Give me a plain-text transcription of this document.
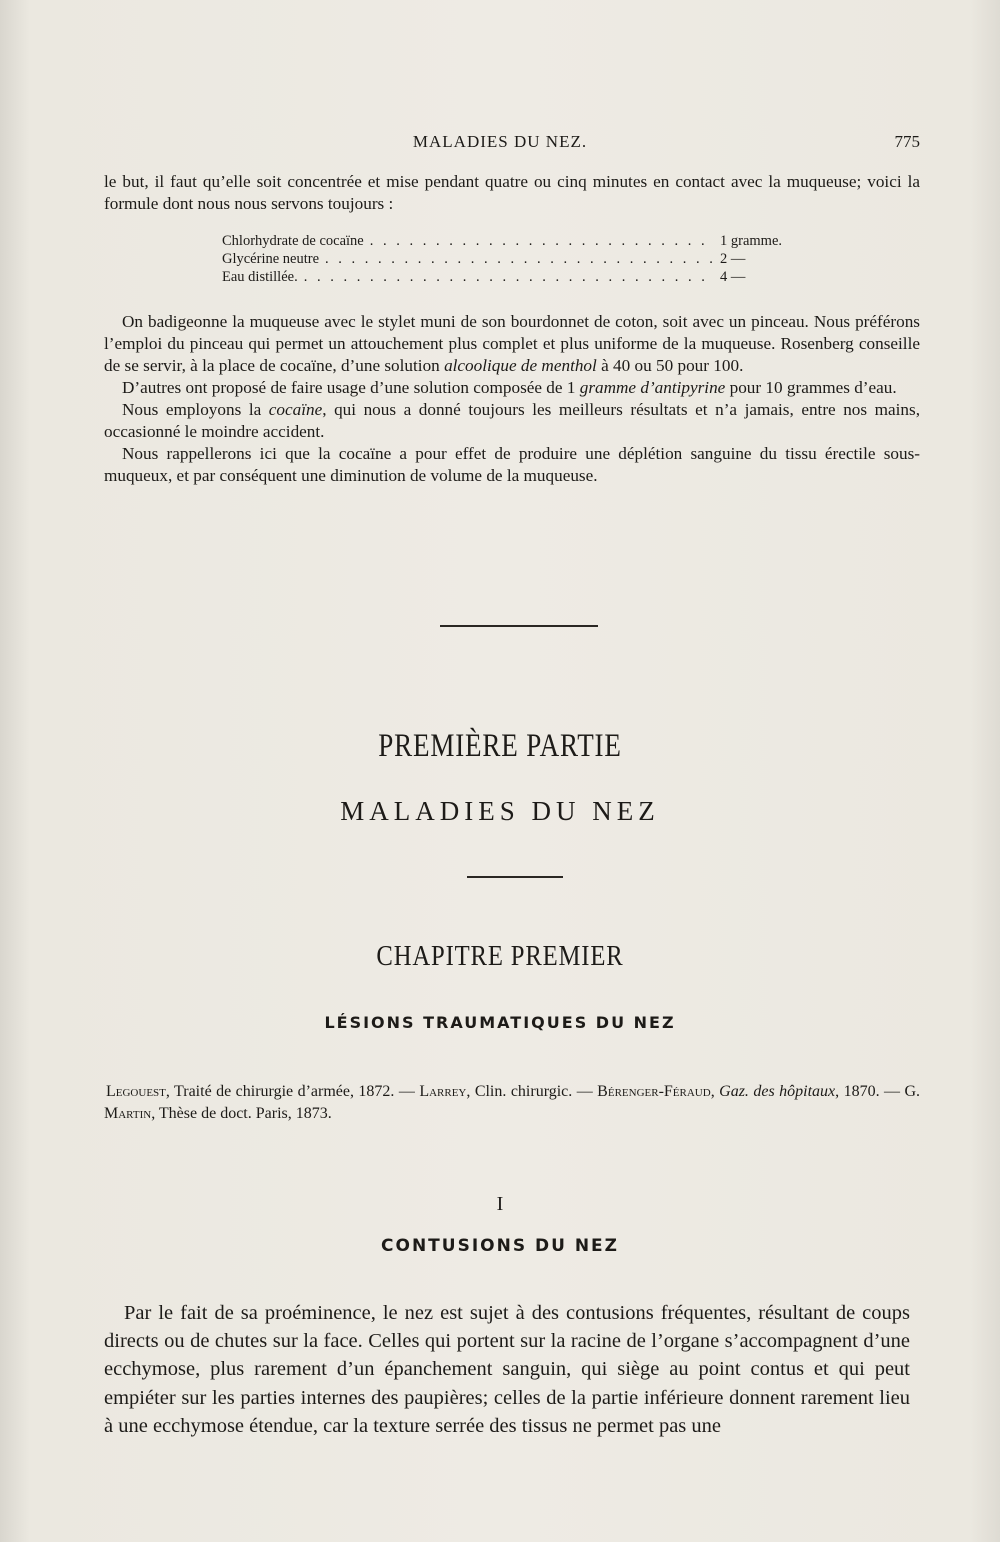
MALADIES DU NEZ.	775

le but, il faut qu’elle soit concentrée et mise pendant quatre ou cinq minutes en contact avec la muqueuse; voici la formule dont nous nous servons toujours :

Chlorhydrate de cocaïne . . .	1 gramme.
Glycérine neutre . . .	2 —
Eau distillée. . . .	4 —

On badigeonne la muqueuse avec le stylet muni de son bourdonnet de coton, soit avec un pinceau. Nous préférons l’emploi du pinceau qui permet un attouchement plus complet et plus uniforme de la muqueuse. Rosenberg conseille de se servir, à la place de cocaïne, d’une solution alcoolique de menthol à 40 ou 50 pour 100.

D’autres ont proposé de faire usage d’une solution composée de 1 gramme d’antipyrine pour 10 grammes d’eau.

Nous employons la cocaïne, qui nous a donné toujours les meilleurs résultats et n’a jamais, entre nos mains, occasionné le moindre accident.

Nous rappellerons ici que la cocaïne a pour effet de produire une déplétion sanguine du tissu érectile sous-muqueux, et par conséquent une diminution de volume de la muqueuse.

PREMIÈRE PARTIE
MALADIES DU NEZ
CHAPITRE PREMIER
LÉSIONS TRAUMATIQUES DU NEZ

Legouest, Traité de chirurgie d’armée, 1872. — Larrey, Clin. chirurgic. — Bérenger-Féraud, Gaz. des hôpitaux, 1870. — G. Martin, Thèse de doct. Paris, 1873.

I
CONTUSIONS DU NEZ

Par le fait de sa proéminence, le nez est sujet à des contusions fréquentes, résultant de coups directs ou de chutes sur la face. Celles qui portent sur la racine de l’organe s’accompagnent d’une ecchymose, plus rarement d’un épanchement sanguin, qui siège au point contus et qui peut empiéter sur les parties internes des paupières; celles de la partie inférieure donnent rarement lieu à une ecchymose étendue, car la texture serrée des tissus ne permet pas une
